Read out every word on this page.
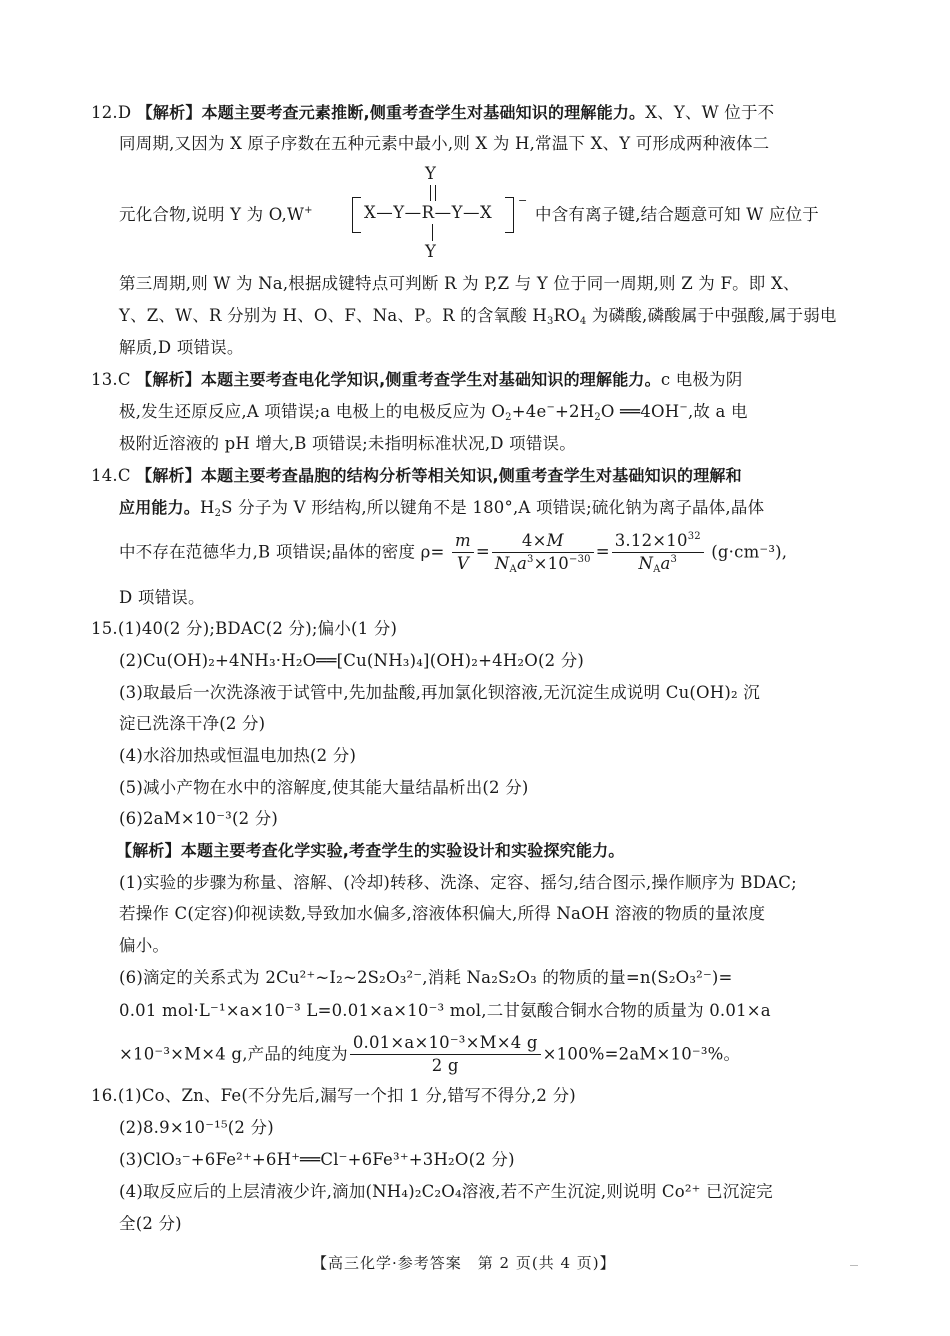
12.D 【解析】本题主要考查元素推断,侧重考查学生对基础知识的理解能力。X、Y、W 位于不
同周期,又因为 X 原子序数在五种元素中最小,则 X 为 H,常温下 X、Y 可形成两种液体二
元化合物,说明 Y 为 O,W+
Y
X—Y—R—Y—X
Y
−
中含有离子键,结合题意可知 W 应位于
第三周期,则 W 为 Na,根据成键特点可判断 R 为 P,Z 与 Y 位于同一周期,则 Z 为 F。即 X、
Y、Z、W、R 分别为 H、O、F、Na、P。R 的含氧酸 $H_3RO_4$ 为磷酸,磷酸属于中强酸,属于弱电
解质,D 项错误。
13.C 【解析】本题主要考查电化学知识,侧重考查学生对基础知识的理解能力。c 电极为阴
极,发生还原反应,A 项错误;a 电极上的电极反应为 $O_2+4e^-+2H_2O$ ══4OH−,故 a 电
极附近溶液的 pH 增大,B 项错误;未指明标准状况,D 项错误。
14.C 【解析】本题主要考查晶胞的结构分析等相关知识,侧重考查学生对基础知识的理解和
应用能力。$H_2S$ 分子为 V 形结构,所以键角不是 180°,A 项错误;硫化钠为离子晶体,晶体
中不存在范德华力,B 项错误;晶体的密度 $\rho= \frac{m}{V} = \frac{4\times M}{N_Aa^3\times 10^{-30}} = \frac{3.12\times 10^{32}}{N_Aa^3} (g\cdot cm^{-3})$,
D 项错误。
15.(1)40(2 分);BDAC(2 分);偏小(1 分)
(2)Cu(OH)₂+4NH₃·H₂O══[Cu(NH₃)₄](OH)₂+4H₂O(2 分)
(3)取最后一次洗涤液于试管中,先加盐酸,再加氯化钡溶液,无沉淀生成说明 Cu(OH)₂ 沉
淀已洗涤干净(2 分)
(4)水浴加热或恒温电加热(2 分)
(5)减小产物在水中的溶解度,使其能大量结晶析出(2 分)
(6)2aM×10⁻³(2 分)
【解析】本题主要考查化学实验,考查学生的实验设计和实验探究能力。
(1)实验的步骤为称量、溶解、(冷却)转移、洗涤、定容、摇匀,结合图示,操作顺序为 BDAC;
若操作 C(定容)仰视读数,导致加水偏多,溶液体积偏大,所得 NaOH 溶液的物质的量浓度
偏小。
(6)滴定的关系式为 2Cu²⁺~I₂~2S₂O₃²⁻,消耗 Na₂S₂O₃ 的物质的量=n(S₂O₃²⁻)=
0.01 mol·L⁻¹×a×10⁻³ L=0.01×a×10⁻³ mol,二甘氨酸合铜水合物的质量为 0.01×a
×10⁻³×M×4 g,产品的纯度为 $\frac{\text{0.01×a×10⁻³×M×4 g}}{2 g} \times 100\%=2aM\times 10^{-3}\%$。
16.(1)Co、Zn、Fe(不分先后,漏写一个扣 1 分,错写不得分,2 分)
(2)8.9×10⁻¹⁵(2 分)
(3)ClO₃⁻+6Fe²⁺+6H⁺══Cl⁻+6Fe³⁺+3H₂O(2 分)
(4)取反应后的上层清液少许,滴加(NH₄)₂C₂O₄溶液,若不产生沉淀,则说明 Co²⁺ 已沉淀完
全(2 分)
【高三化学·参考答案　第 2 页(共 4 页)】
